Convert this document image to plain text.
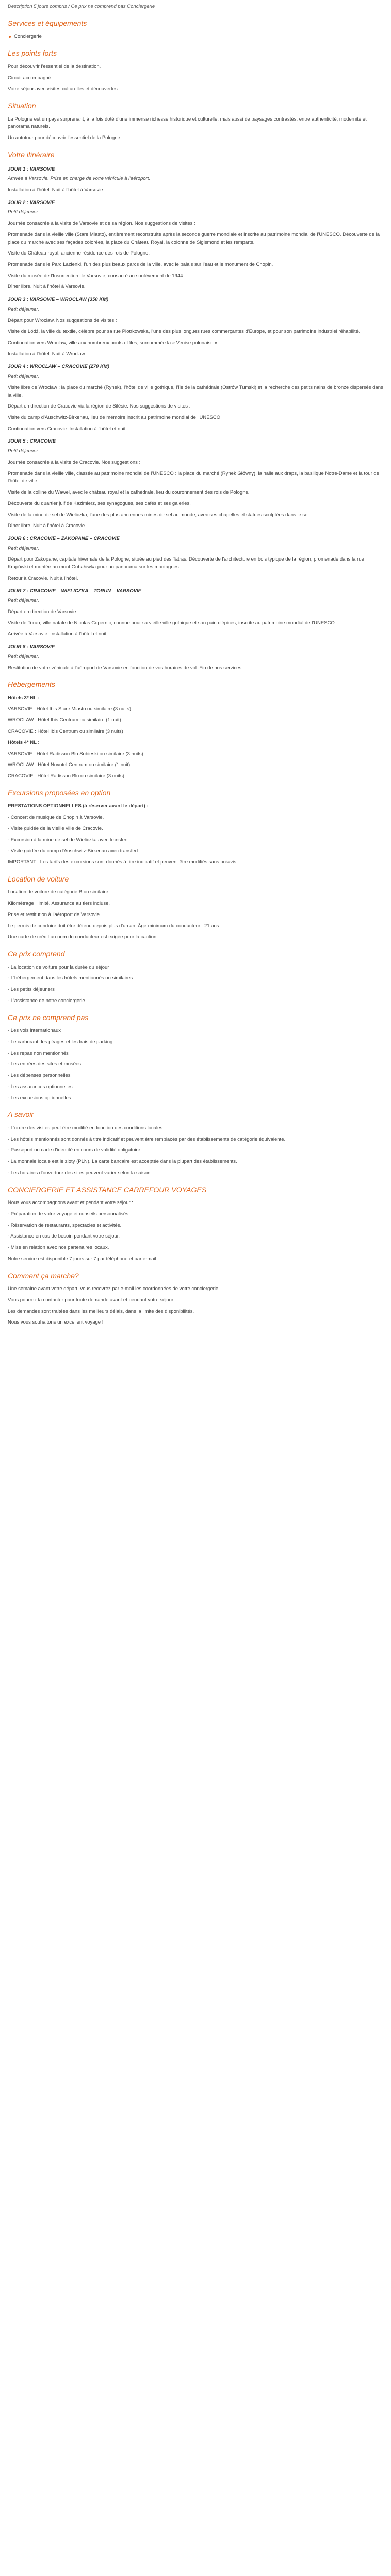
Description 5 jours compris / Ce prix ne comprend pas Conciergerie

Services et équipements
Conciergerie
Les points forts

Pour découvrir l'essentiel de la destination.

Circuit accompagné.

Votre séjour avec visites culturelles et découvertes.

Situation

La Pologne est un pays surprenant, à la fois doté d'une immense richesse historique et culturelle, mais aussi de paysages contrastés, entre authenticité, modernité et panorama naturels.

Un autotour pour découvrir l'essentiel de la Pologne.

Votre itinéraire
JOUR 1 : VARSOVIE

Arrivée à Varsovie. Prise en charge de votre véhicule à l'aéroport.

Installation à l'hôtel. Nuit à l'hôtel à Varsovie.

JOUR 2 : VARSOVIE

Petit déjeuner.

Journée consacrée à la visite de Varsovie et de sa région. Nos suggestions de visites :

Promenade dans la vieille ville (Stare Miasto), entièrement reconstruite après la seconde guerre mondiale et inscrite au patrimoine mondial de l'UNESCO. Découverte de la place du marché avec ses façades colorées, la place du Château Royal, la colonne de Sigismond et les remparts.

Visite du Château royal, ancienne résidence des rois de Pologne.

Promenade dans le Parc Łazienki, l'un des plus beaux parcs de la ville, avec le palais sur l'eau et le monument de Chopin.

Visite du musée de l'Insurrection de Varsovie, consacré au soulèvement de 1944.

Dîner libre. Nuit à l'hôtel à Varsovie.

JOUR 3 : VARSOVIE – WROCLAW (350 KM)

Petit déjeuner.

Départ pour Wroclaw. Nos suggestions de visites :

Visite de Łódź, la ville du textile, célèbre pour sa rue Piotrkowska, l'une des plus longues rues commerçantes d'Europe, et pour son patrimoine industriel réhabilité.

Continuation vers Wroclaw, ville aux nombreux ponts et îles, surnommée la « Venise polonaise ».

Installation à l'hôtel. Nuit à Wroclaw.

JOUR 4 : WROCLAW – CRACOVIE (270 KM)

Petit déjeuner.

Visite libre de Wroclaw : la place du marché (Rynek), l'hôtel de ville gothique, l'île de la cathédrale (Ostrów Tumski) et la recherche des petits nains de bronze dispersés dans la ville.

Départ en direction de Cracovie via la région de Silésie. Nos suggestions de visites :

Visite du camp d'Auschwitz-Birkenau, lieu de mémoire inscrit au patrimoine mondial de l'UNESCO.

Continuation vers Cracovie. Installation à l'hôtel et nuit.

JOUR 5 : CRACOVIE

Petit déjeuner.

Journée consacrée à la visite de Cracovie. Nos suggestions :

Promenade dans la vieille ville, classée au patrimoine mondial de l'UNESCO : la place du marché (Rynek Główny), la halle aux draps, la basilique Notre-Dame et la tour de l'hôtel de ville.

Visite de la colline du Wawel, avec le château royal et la cathédrale, lieu du couronnement des rois de Pologne.

Découverte du quartier juif de Kazimierz, ses synagogues, ses cafés et ses galeries.

Visite de la mine de sel de Wieliczka, l'une des plus anciennes mines de sel au monde, avec ses chapelles et statues sculptées dans le sel.

Dîner libre. Nuit à l'hôtel à Cracovie.

JOUR 6 : CRACOVIE – ZAKOPANE – CRACOVIE

Petit déjeuner.

Départ pour Zakopane, capitale hivernale de la Pologne, située au pied des Tatras. Découverte de l'architecture en bois typique de la région, promenade dans la rue Krupówki et montée au mont Gubałówka pour un panorama sur les montagnes.

Retour à Cracovie. Nuit à l'hôtel.

JOUR 7 : CRACOVIE – WIELICZKA – TORUN – VARSOVIE

Petit déjeuner.

Départ en direction de Varsovie.

Visite de Torun, ville natale de Nicolas Copernic, connue pour sa vieille ville gothique et son pain d'épices, inscrite au patrimoine mondial de l'UNESCO.

Arrivée à Varsovie. Installation à l'hôtel et nuit.

JOUR 8 : VARSOVIE

Petit déjeuner.

Restitution de votre véhicule à l'aéroport de Varsovie en fonction de vos horaires de vol. Fin de nos services.

Hébergements

Hôtels 3* NL :

VARSOVIE : Hôtel Ibis Stare Miasto ou similaire (3 nuits)

WROCLAW : Hôtel Ibis Centrum ou similaire (1 nuit)

CRACOVIE : Hôtel Ibis Centrum ou similaire (3 nuits)

Hôtels 4* NL :

VARSOVIE : Hôtel Radisson Blu Sobieski ou similaire (3 nuits)

WROCLAW : Hôtel Novotel Centrum ou similaire (1 nuit)

CRACOVIE : Hôtel Radisson Blu ou similaire (3 nuits)

Excursions proposées en option

PRESTATIONS OPTIONNELLES (à réserver avant le départ) :

- Concert de musique de Chopin à Varsovie.

- Visite guidée de la vieille ville de Cracovie.

- Excursion à la mine de sel de Wieliczka avec transfert.

- Visite guidée du camp d'Auschwitz-Birkenau avec transfert.

IMPORTANT : Les tarifs des excursions sont donnés à titre indicatif et peuvent être modifiés sans préavis.

Location de voiture

Location de voiture de catégorie B ou similaire.

Kilométrage illimité. Assurance au tiers incluse.

Prise et restitution à l'aéroport de Varsovie.

Le permis de conduire doit être détenu depuis plus d'un an. Âge minimum du conducteur : 21 ans.

Une carte de crédit au nom du conducteur est exigée pour la caution.

Ce prix comprend

- La location de voiture pour la durée du séjour

- L'hébergement dans les hôtels mentionnés ou similaires

- Les petits déjeuners

- L'assistance de notre conciergerie

Ce prix ne comprend pas

- Les vols internationaux

- Le carburant, les péages et les frais de parking

- Les repas non mentionnés

- Les entrées des sites et musées

- Les dépenses personnelles

- Les assurances optionnelles

- Les excursions optionnelles

A savoir

- L'ordre des visites peut être modifié en fonction des conditions locales.

- Les hôtels mentionnés sont donnés à titre indicatif et peuvent être remplacés par des établissements de catégorie équivalente.

- Passeport ou carte d'identité en cours de validité obligatoire.

- La monnaie locale est le zloty (PLN). La carte bancaire est acceptée dans la plupart des établissements.

- Les horaires d'ouverture des sites peuvent varier selon la saison.

CONCIERGERIE ET ASSISTANCE CARREFOUR VOYAGES

Nous vous accompagnons avant et pendant votre séjour :

- Préparation de votre voyage et conseils personnalisés.

- Réservation de restaurants, spectacles et activités.

- Assistance en cas de besoin pendant votre séjour.

- Mise en relation avec nos partenaires locaux.

Notre service est disponible 7 jours sur 7 par téléphone et par e-mail.

Comment ça marche?

Une semaine avant votre départ, vous recevrez par e-mail les coordonnées de votre conciergerie.

Vous pourrez la contacter pour toute demande avant et pendant votre séjour.

Les demandes sont traitées dans les meilleurs délais, dans la limite des disponibilités.

Nous vous souhaitons un excellent voyage !
